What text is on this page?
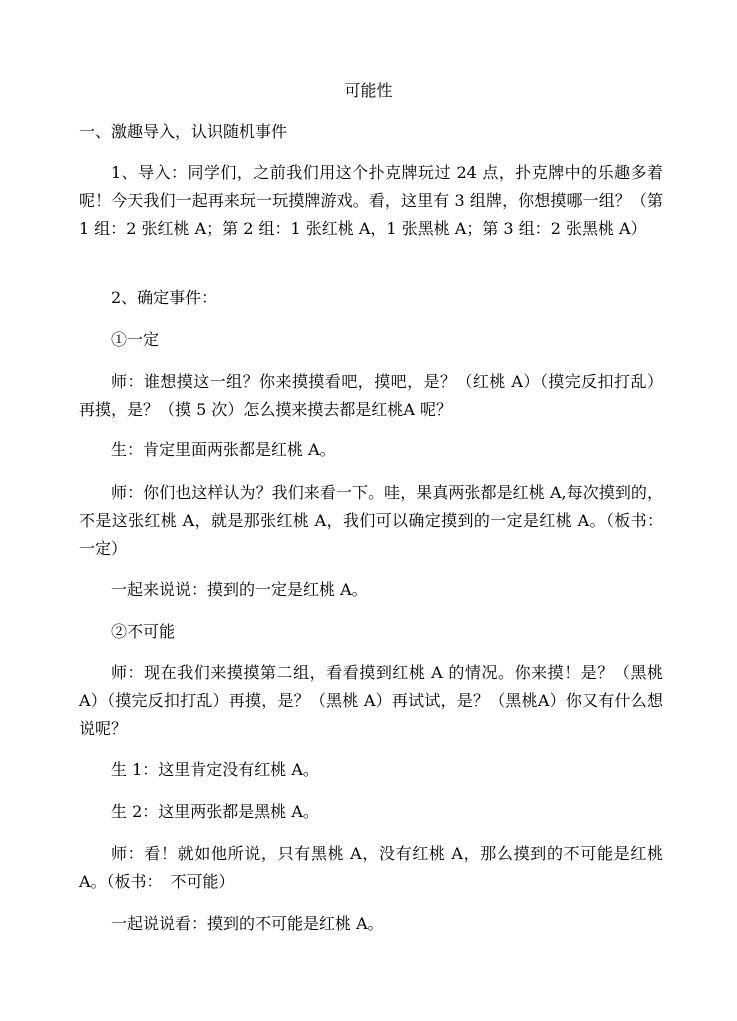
可能性
一、激趣导入，认识随机事件

1、导入：同学们，之前我们用这个扑克牌玩过 24 点，扑克牌中的乐趣多着呢！今天我们一起再来玩一玩摸牌游戏。看，这里有 3 组牌，你想摸哪一组？（第 1 组：2 张红桃 A；第 2 组：1 张红桃 A，1 张黑桃 A；第 3 组：2 张黑桃 A）

2、确定事件：

①一定

师：谁想摸这一组？你来摸摸看吧，摸吧，是？（红桃 A）（摸完反扣打乱）再摸，是？（摸 5 次）怎么摸来摸去都是红桃A 呢？

生：肯定里面两张都是红桃 A。

师：你们也这样认为？我们来看一下。哇，果真两张都是红桃 A,每次摸到的，不是这张红桃 A，就是那张红桃 A，我们可以确定摸到的一定是红桃 A。（板书：一定）

一起来说说：摸到的一定是红桃 A。

②不可能

师：现在我们来摸摸第二组，看看摸到红桃 A 的情况。你来摸！是？（黑桃 A）（摸完反扣打乱）再摸，是？（黑桃 A）再试试，是？（黑桃A）你又有什么想说呢？

生 1：这里肯定没有红桃 A。

生 2：这里两张都是黑桃 A。

师：看！就如他所说，只有黑桃 A，没有红桃 A，那么摸到的不可能是红桃 A。（板书：　不可能）

一起说说看：摸到的不可能是红桃 A。
